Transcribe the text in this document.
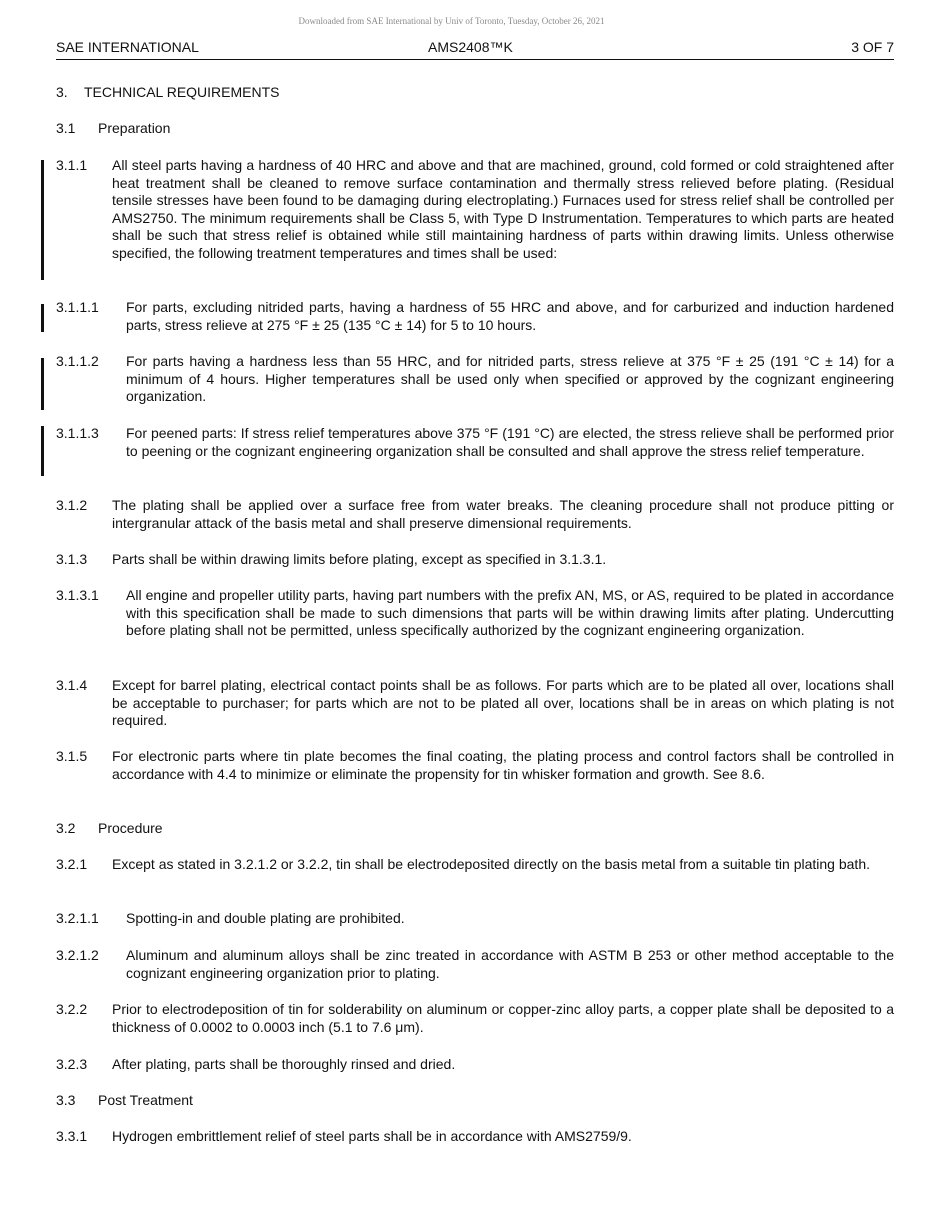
Downloaded from SAE International by Univ of Toronto, Tuesday, October 26, 2021
SAE INTERNATIONAL	AMS2408™K	3 OF 7
3. TECHNICAL REQUIREMENTS
3.1 Preparation
3.1.1 All steel parts having a hardness of 40 HRC and above and that are machined, ground, cold formed or cold straightened after heat treatment shall be cleaned to remove surface contamination and thermally stress relieved before plating. (Residual tensile stresses have been found to be damaging during electroplating.) Furnaces used for stress relief shall be controlled per AMS2750. The minimum requirements shall be Class 5, with Type D Instrumentation. Temperatures to which parts are heated shall be such that stress relief is obtained while still maintaining hardness of parts within drawing limits. Unless otherwise specified, the following treatment temperatures and times shall be used:
3.1.1.1 For parts, excluding nitrided parts, having a hardness of 55 HRC and above, and for carburized and induction hardened parts, stress relieve at 275 °F ± 25 (135 °C ± 14) for 5 to 10 hours.
3.1.1.2 For parts having a hardness less than 55 HRC, and for nitrided parts, stress relieve at 375 °F ± 25 (191 °C ± 14) for a minimum of 4 hours. Higher temperatures shall be used only when specified or approved by the cognizant engineering organization.
3.1.1.3 For peened parts: If stress relief temperatures above 375 °F (191 °C) are elected, the stress relieve shall be performed prior to peening or the cognizant engineering organization shall be consulted and shall approve the stress relief temperature.
3.1.2 The plating shall be applied over a surface free from water breaks. The cleaning procedure shall not produce pitting or intergranular attack of the basis metal and shall preserve dimensional requirements.
3.1.3 Parts shall be within drawing limits before plating, except as specified in 3.1.3.1.
3.1.3.1 All engine and propeller utility parts, having part numbers with the prefix AN, MS, or AS, required to be plated in accordance with this specification shall be made to such dimensions that parts will be within drawing limits after plating. Undercutting before plating shall not be permitted, unless specifically authorized by the cognizant engineering organization.
3.1.4 Except for barrel plating, electrical contact points shall be as follows. For parts which are to be plated all over, locations shall be acceptable to purchaser; for parts which are not to be plated all over, locations shall be in areas on which plating is not required.
3.1.5 For electronic parts where tin plate becomes the final coating, the plating process and control factors shall be controlled in accordance with 4.4 to minimize or eliminate the propensity for tin whisker formation and growth. See 8.6.
3.2 Procedure
3.2.1 Except as stated in 3.2.1.2 or 3.2.2, tin shall be electrodeposited directly on the basis metal from a suitable tin plating bath.
3.2.1.1 Spotting-in and double plating are prohibited.
3.2.1.2 Aluminum and aluminum alloys shall be zinc treated in accordance with ASTM B 253 or other method acceptable to the cognizant engineering organization prior to plating.
3.2.2 Prior to electrodeposition of tin for solderability on aluminum or copper-zinc alloy parts, a copper plate shall be deposited to a thickness of 0.0002 to 0.0003 inch (5.1 to 7.6 μm).
3.2.3 After plating, parts shall be thoroughly rinsed and dried.
3.3 Post Treatment
3.3.1 Hydrogen embrittlement relief of steel parts shall be in accordance with AMS2759/9.
